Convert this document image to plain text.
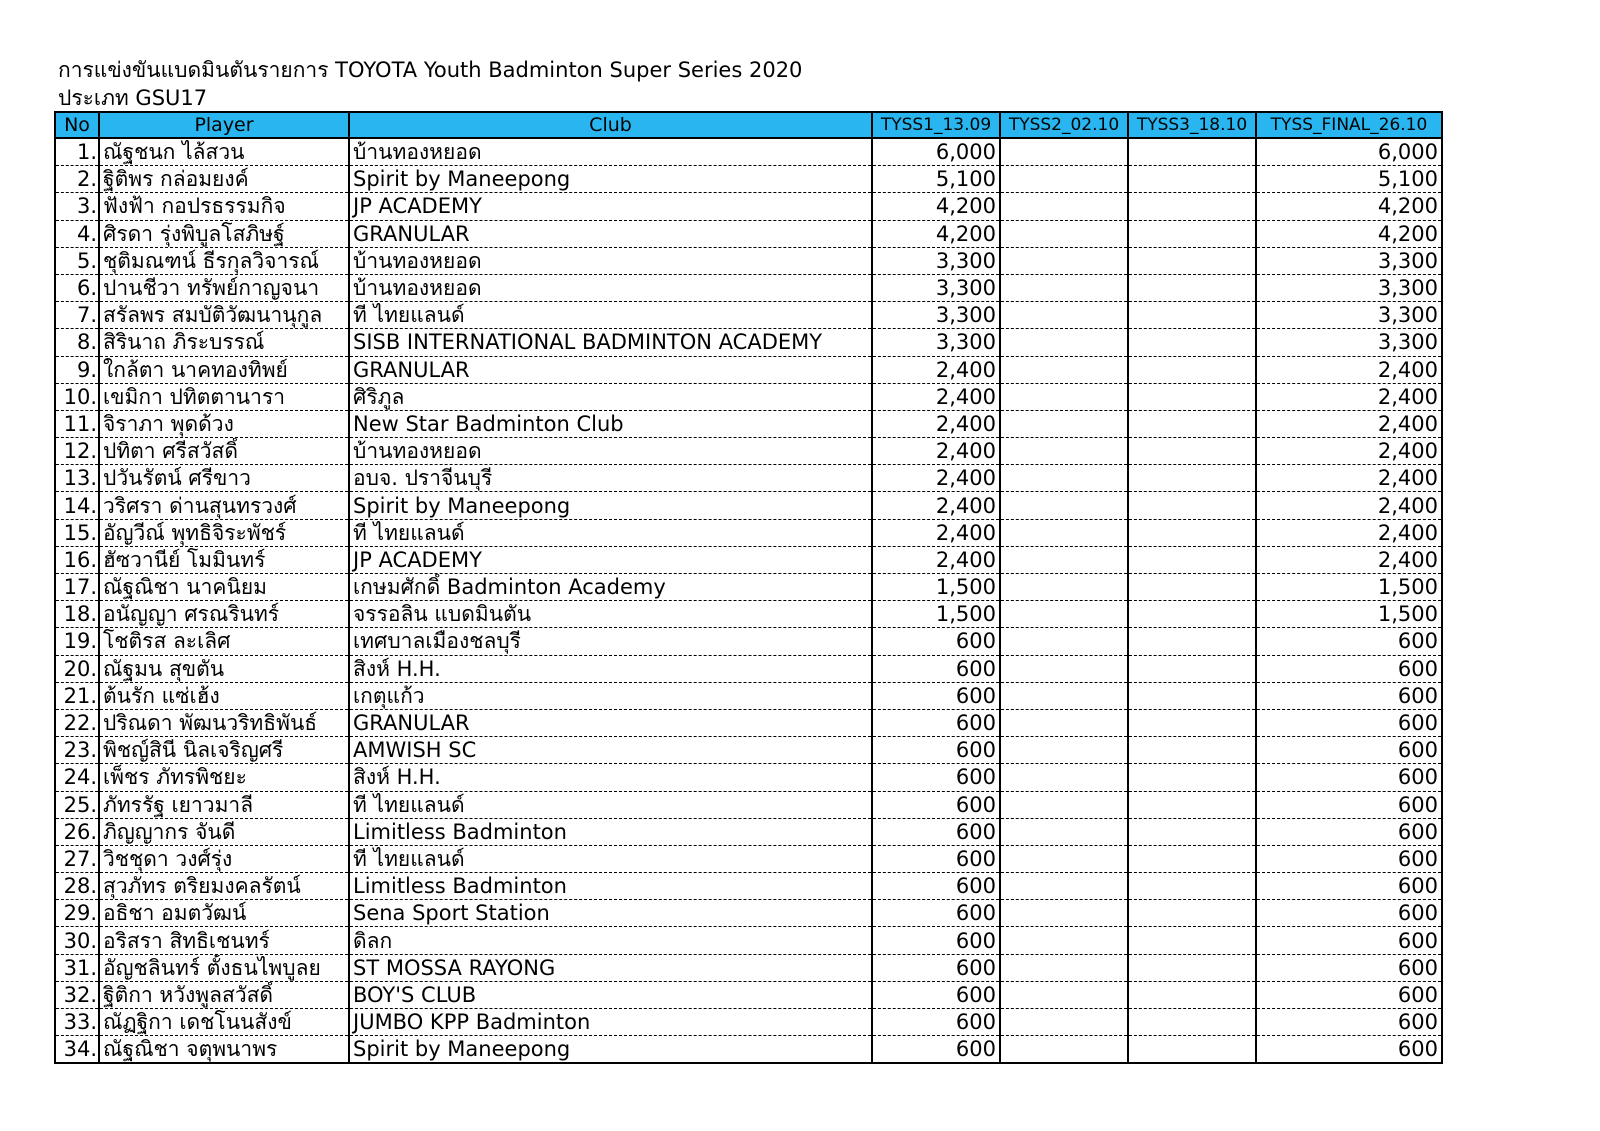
การแข่งขันแบดมินตันรายการ TOYOTA Youth Badminton Super Series 2020
ประเภท GSU17
No	Player	Club	TYSS1_13.09	TYSS2_02.10	TYSS3_18.10	TYSS_FINAL_26.10
1.	ณัฐชนก ไล้สวน	บ้านทองหยอด	6,000			6,000
2.	ฐิติพร กล่อมยงค์	Spirit by Maneepong	5,100			5,100
3.	ฟังฟ้า กอปรธรรมกิจ	JP ACADEMY	4,200			4,200
4.	ศิรดา รุ่งพิบูลโสภิษฐ์	GRANULAR	4,200			4,200
5.	ชุติมณฑน์ ธีรกุลวิจารณ์	บ้านทองหยอด	3,300			3,300
6.	ปานชีวา ทรัพย์กาญจนา	บ้านทองหยอด	3,300			3,300
7.	สรัลพร สมบัติวัฒนานุกูล	ที ไทยแลนด์	3,300			3,300
8.	สิรินาถ ภิระบรรณ์	SISB INTERNATIONAL BADMINTON ACADEMY	3,300			3,300
9.	ใกล้ตา นาคทองทิพย์	GRANULAR	2,400			2,400
10.	เขมิกา ปทิตตานารา	ศิริภูล	2,400			2,400
11.	จิราภา พุดด้วง	New Star Badminton Club	2,400			2,400
12.	ปทิตา ศรีสวัสดิ์	บ้านทองหยอด	2,400			2,400
13.	ปวันรัตน์ ศรีขาว	อบจ. ปราจีนบุรี	2,400			2,400
14.	วริศรา ด่านสุนทรวงศ์	Spirit by Maneepong	2,400			2,400
15.	อัญวีณ์ พุทธิจิระพัชร์	ที ไทยแลนด์	2,400			2,400
16.	ฮัซวานีย์ โมมินทร์	JP ACADEMY	2,400			2,400
17.	ณัฐณิชา นาคนิยม	เกษมศักดิ์ Badminton Academy	1,500			1,500
18.	อนัญญา ศรณรินทร์	จรรอลิน แบดมินตัน	1,500			1,500
19.	โชติรส ละเลิศ	เทศบาลเมืองชลบุรี	600			600
20.	ณัฐมน สุขตัน	สิงห์ H.H.	600			600
21.	ต้นรัก แซ่เฮ้ง	เกตุแก้ว	600			600
22.	ปริณดา พัฒนวริทธิพันธ์	GRANULAR	600			600
23.	พิชญ์สินี นิลเจริญศรี	AMWISH SC	600			600
24.	เพ็ชร ภัทรพิชยะ	สิงห์ H.H.	600			600
25.	ภัทรรัฐ เยาวมาลี	ที ไทยแลนด์	600			600
26.	ภิญญากร จันดี	Limitless Badminton	600			600
27.	วิชชุดา วงศ์รุ่ง	ที ไทยแลนด์	600			600
28.	สุวภัทร ตริยมงคลรัตน์	Limitless Badminton	600			600
29.	อธิชา อมตวัฒน์	Sena Sport Station	600			600
30.	อริสรา สิทธิเชนทร์	ดิลก	600			600
31.	อัญชลินทร์ ตั้งธนไพบูลย	ST MOSSA RAYONG	600			600
32.	ฐิติกา หวังพูลสวัสดิ์	BOY'S CLUB	600			600
33.	ณัฏฐิกา เดชโนนสังข์	JUMBO KPP Badminton	600			600
34.	ณัฐณิชา จตุพนาพร	Spirit by Maneepong	600			600
